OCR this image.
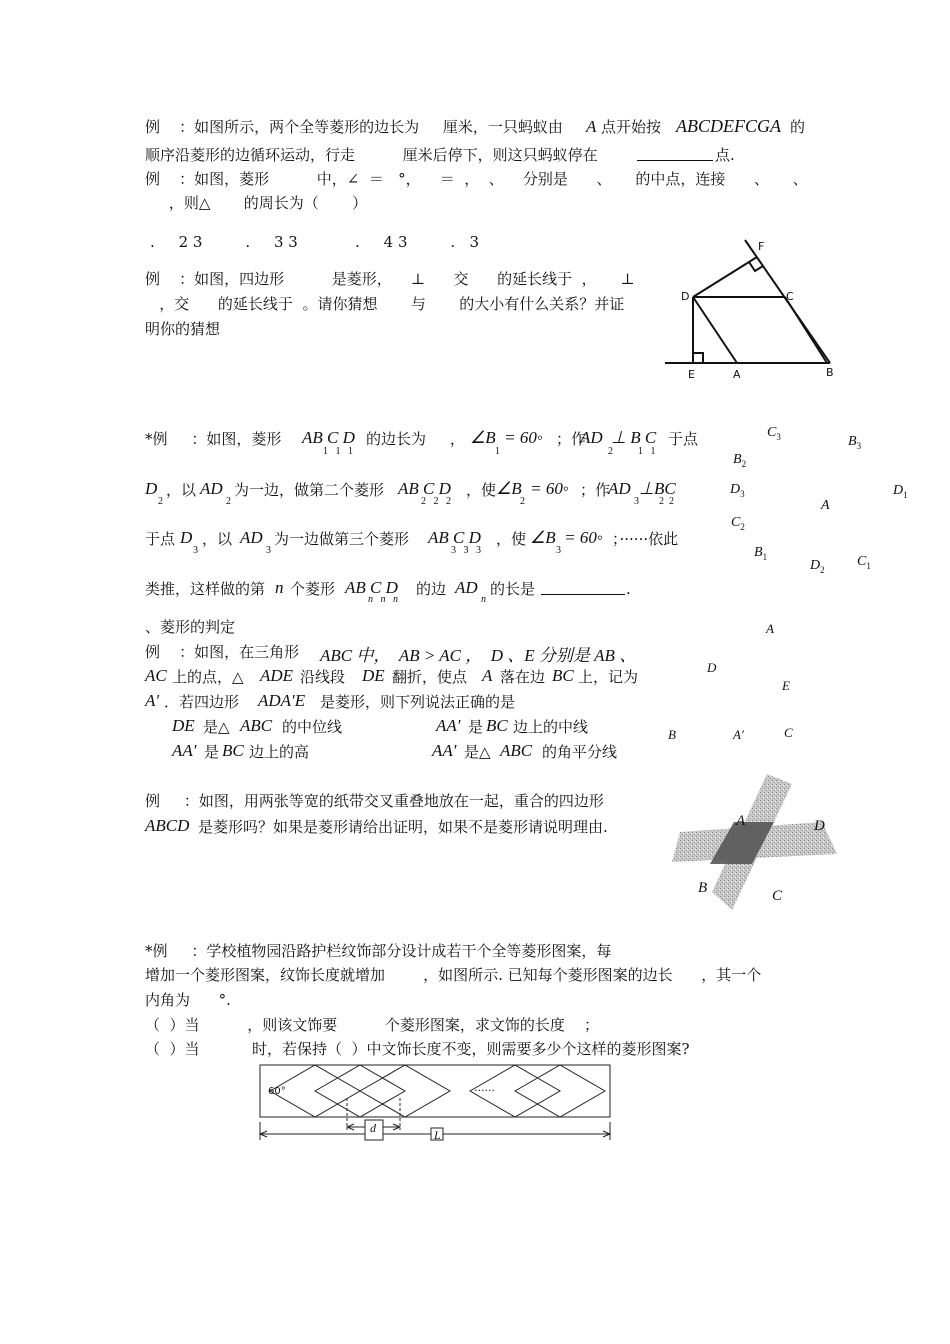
例    ：如图所示，两个全等菱形的边长为     厘米，一只蚂蚁由 A 点开始按 ABCDEFCGA 的
顺序沿菱形的边循环运动，行走          厘米后停下，则这只蚂蚁停在	点.
例    ：如图，菱形          中，∠  ＝   °，    ＝  ，  、    分别是      、     的中点，连接      、     、
，则△       的周长为（       ）
.     2 3         .     3 3            .     4 3         .   3
例    ：如图，四边形          是菱形，    ⊥      交      的延长线于  ，     ⊥
，交      的延长线于  。请你猜想       与       的大小有什么关系？并证
明你的猜想
F
D	C
E	A	B
*例     ：如图，菱形 AB C D
1   1   1
的边长为     ， ∠B  = 60◦
1
；作
AD  ⊥ B C
2          1   1
于点
D
2
，以 AD
2
为一边，做第二个菱形 AB C D
2   2   2
，使 ∠B  = 60◦
2
；作
AD  ⊥BC
3        2  2
于点 D
3
，以 AD
3
为一边做第三个菱形 AB C D
3   3   3
，使 ∠B  = 60◦
3
；······依此
类推，这样做的第 n 个菱形 AB C D
n   n   n
的边 AD
n
的长是	.
$C_3$	$B_3$
$B_2$
$D_3$
A
$D_1$
$C_2$
$B_1$
$D_2$
$C_1$
、菱形的判定
例    ：如图，在三角形 ABC 中，  AB > AC ，  D 、E 分别是 AB 、
AC 上的点，△ ADE 沿线段 DE 翻折，使点 A 落在边 BC 上，记为
A′ ．若四边形 ADA′E 是菱形，则下列说法正确的是
DE 是△ ABC 的中位线	AA′ 是 BC 边上的中线
AA′ 是 BC 边上的高	AA′ 是△ ABC 的角平分线
A
D
E
B	A′	C
例     ：如图，用两张等宽的纸带交叉重叠地放在一起，重合的四边形
ABCD 是菱形吗？如果是菱形请给出证明，如果不是菱形请说明理由.	A	D
B	C
*例     ：学校植物园沿路护栏纹饰部分设计成若干个全等菱形图案，每
增加一个菱形图案，纹饰长度就增加        ，如图所示. 已知每个菱形图案的边长      ，其一个
内角为      °.
（  ）当          ，则该文饰要          个菱形图案，求文饰的长度    ；
（  ）当           时，若保持（  ）中文饰长度不变，则需要多少个这样的菱形图案?
60°	······
d	L
